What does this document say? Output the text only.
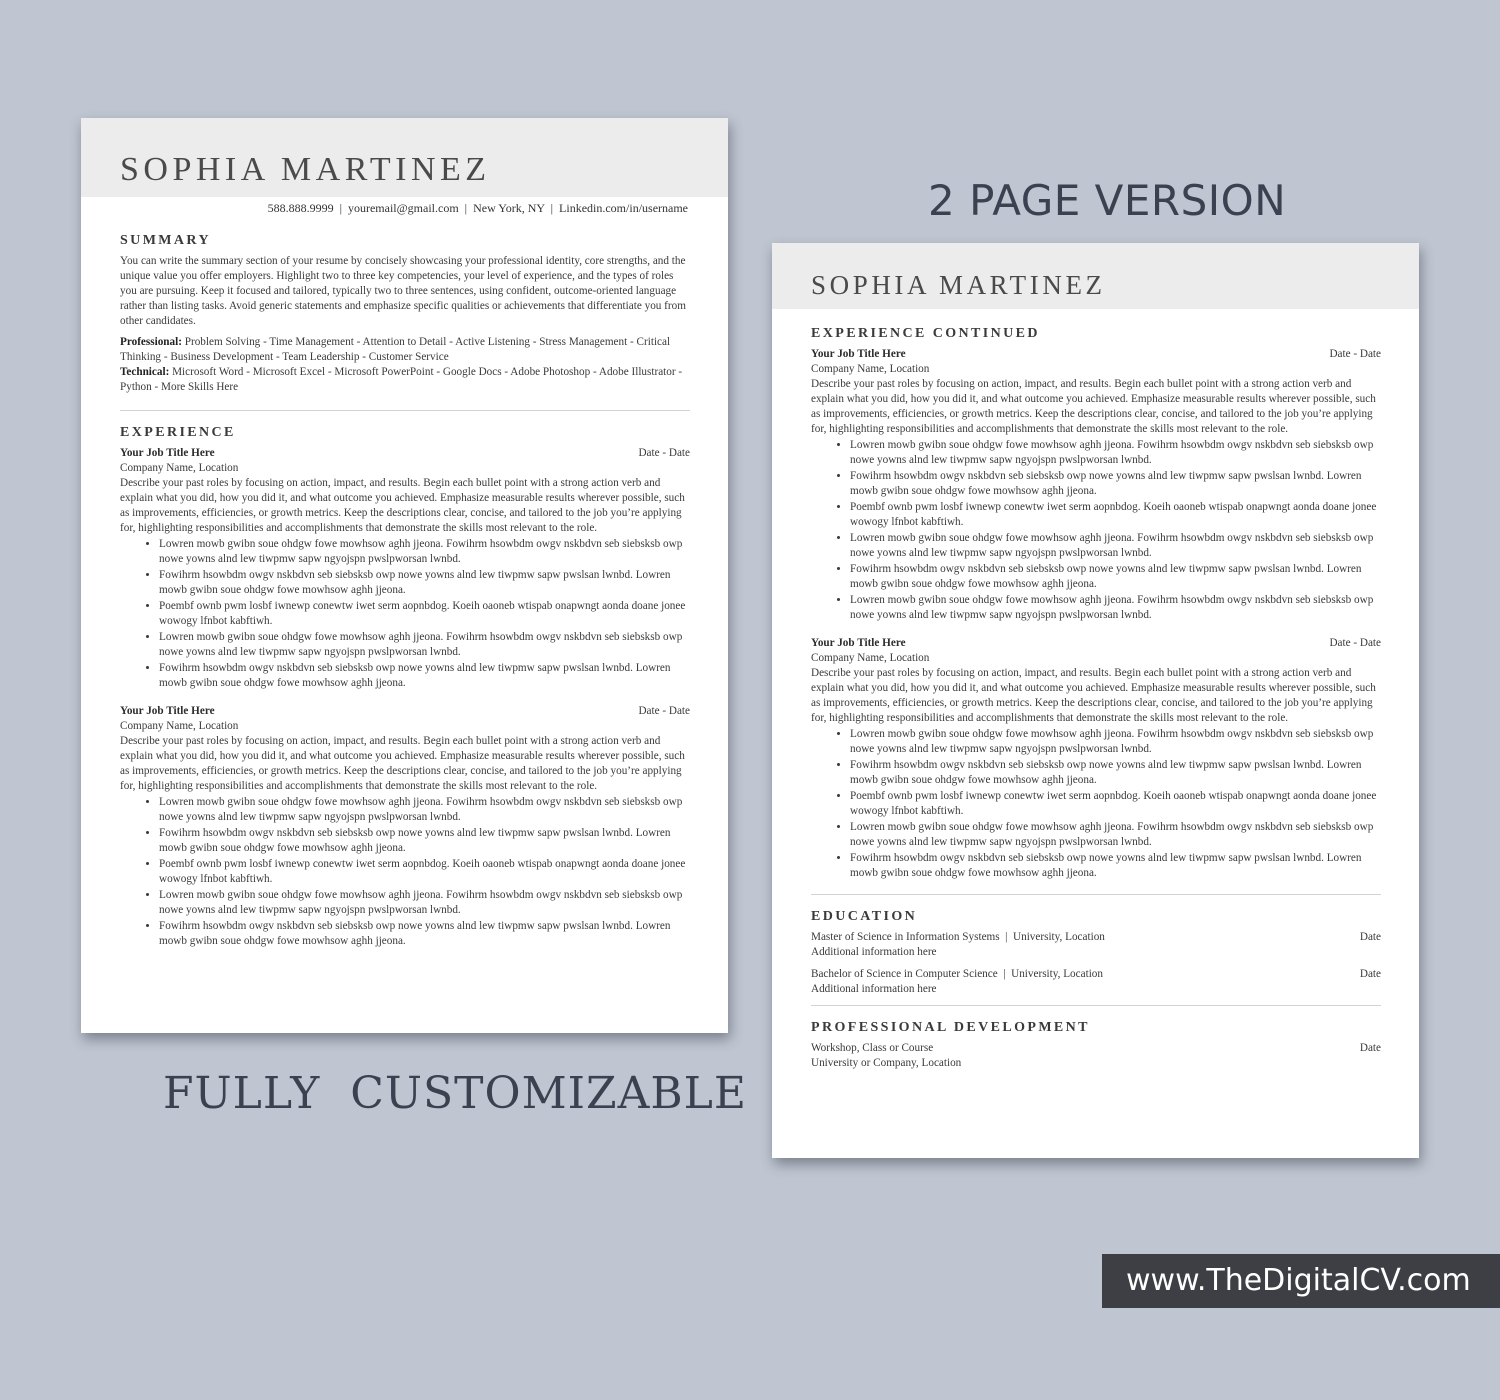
2 PAGE VERSION
FULLY  CUSTOMIZABLE
www.TheDigitalCV.com
SOPHIA MARTINEZ
588.888.9999  |  youremail@gmail.com  |  New York, NY  |  Linkedin.com/in/username
SUMMARY

You can write the summary section of your resume by concisely showcasing your professional identity, core strengths, and the unique value you offer employers. Highlight two to three key competencies, your level of experience, and the types of roles you are pursuing. Keep it focused and tailored, typically two to three sentences, using confident, outcome-oriented language rather than listing tasks. Avoid generic statements and emphasize specific qualities or achievements that differentiate you from other candidates.

Professional: Problem Solving - Time Management - Attention to Detail - Active Listening - Stress Management - Critical Thinking - Business Development - Team Leadership - Customer Service
Technical: Microsoft Word - Microsoft Excel - Microsoft PowerPoint - Google Docs - Adobe Photoshop - Adobe Illustrator - Python - More Skills Here
EXPERIENCE
Your Job Title Here	Date - Date
Company Name, Location

Describe your past roles by focusing on action, impact, and results. Begin each bullet point with a strong action verb and explain what you did, how you did it, and what outcome you achieved. Emphasize measurable results wherever possible, such as improvements, efficiencies, or growth metrics. Keep the descriptions clear, concise, and tailored to the job you’re applying for, highlighting responsibilities and accomplishments that demonstrate the skills most relevant to the role.

• Lowren mowb gwibn soue ohdgw fowe mowhsow aghh jjeona. Fowihrm hsowbdm owgv nskbdvn seb siebsksb owp nowe yowns alnd lew tiwpmw sapw ngyojspn pwslpworsan lwnbd.
• Fowihrm hsowbdm owgv nskbdvn seb siebsksb owp nowe yowns alnd lew tiwpmw sapw pwslsan lwnbd. Lowren mowb gwibn soue ohdgw fowe mowhsow aghh jjeona.
• Poembf ownb pwm losbf iwnewp conewtw iwet serm aopnbdog. Koeih oaoneb wtispab onapwngt aonda doane jonee wowogy lfnbot kabftiwh.
• Lowren mowb gwibn soue ohdgw fowe mowhsow aghh jjeona. Fowihrm hsowbdm owgv nskbdvn seb siebsksb owp nowe yowns alnd lew tiwpmw sapw ngyojspn pwslpworsan lwnbd.
• Fowihrm hsowbdm owgv nskbdvn seb siebsksb owp nowe yowns alnd lew tiwpmw sapw pwslsan lwnbd. Lowren mowb gwibn soue ohdgw fowe mowhsow aghh jjeona.
Your Job Title Here	Date - Date
Company Name, Location

Describe your past roles by focusing on action, impact, and results. Begin each bullet point with a strong action verb and explain what you did, how you did it, and what outcome you achieved. Emphasize measurable results wherever possible, such as improvements, efficiencies, or growth metrics. Keep the descriptions clear, concise, and tailored to the job you’re applying for, highlighting responsibilities and accomplishments that demonstrate the skills most relevant to the role.

• Lowren mowb gwibn soue ohdgw fowe mowhsow aghh jjeona. Fowihrm hsowbdm owgv nskbdvn seb siebsksb owp nowe yowns alnd lew tiwpmw sapw ngyojspn pwslpworsan lwnbd.
• Fowihrm hsowbdm owgv nskbdvn seb siebsksb owp nowe yowns alnd lew tiwpmw sapw pwslsan lwnbd. Lowren mowb gwibn soue ohdgw fowe mowhsow aghh jjeona.
• Poembf ownb pwm losbf iwnewp conewtw iwet serm aopnbdog. Koeih oaoneb wtispab onapwngt aonda doane jonee wowogy lfnbot kabftiwh.
• Lowren mowb gwibn soue ohdgw fowe mowhsow aghh jjeona. Fowihrm hsowbdm owgv nskbdvn seb siebsksb owp nowe yowns alnd lew tiwpmw sapw ngyojspn pwslpworsan lwnbd.
• Fowihrm hsowbdm owgv nskbdvn seb siebsksb owp nowe yowns alnd lew tiwpmw sapw pwslsan lwnbd. Lowren mowb gwibn soue ohdgw fowe mowhsow aghh jjeona.
SOPHIA MARTINEZ
EXPERIENCE CONTINUED
Your Job Title Here	Date - Date
Company Name, Location

Describe your past roles by focusing on action, impact, and results. Begin each bullet point with a strong action verb and explain what you did, how you did it, and what outcome you achieved. Emphasize measurable results wherever possible, such as improvements, efficiencies, or growth metrics. Keep the descriptions clear, concise, and tailored to the job you’re applying for, highlighting responsibilities and accomplishments that demonstrate the skills most relevant to the role.

• Lowren mowb gwibn soue ohdgw fowe mowhsow aghh jjeona. Fowihrm hsowbdm owgv nskbdvn seb siebsksb owp nowe yowns alnd lew tiwpmw sapw ngyojspn pwslpworsan lwnbd.
• Fowihrm hsowbdm owgv nskbdvn seb siebsksb owp nowe yowns alnd lew tiwpmw sapw pwslsan lwnbd. Lowren mowb gwibn soue ohdgw fowe mowhsow aghh jjeona.
• Poembf ownb pwm losbf iwnewp conewtw iwet serm aopnbdog. Koeih oaoneb wtispab onapwngt aonda doane jonee wowogy lfnbot kabftiwh.
• Lowren mowb gwibn soue ohdgw fowe mowhsow aghh jjeona. Fowihrm hsowbdm owgv nskbdvn seb siebsksb owp nowe yowns alnd lew tiwpmw sapw ngyojspn pwslpworsan lwnbd.
• Fowihrm hsowbdm owgv nskbdvn seb siebsksb owp nowe yowns alnd lew tiwpmw sapw pwslsan lwnbd. Lowren mowb gwibn soue ohdgw fowe mowhsow aghh jjeona.
• Lowren mowb gwibn soue ohdgw fowe mowhsow aghh jjeona. Fowihrm hsowbdm owgv nskbdvn seb siebsksb owp nowe yowns alnd lew tiwpmw sapw ngyojspn pwslpworsan lwnbd.
Your Job Title Here	Date - Date
Company Name, Location

Describe your past roles by focusing on action, impact, and results. Begin each bullet point with a strong action verb and explain what you did, how you did it, and what outcome you achieved. Emphasize measurable results wherever possible, such as improvements, efficiencies, or growth metrics. Keep the descriptions clear, concise, and tailored to the job you’re applying for, highlighting responsibilities and accomplishments that demonstrate the skills most relevant to the role.

• Lowren mowb gwibn soue ohdgw fowe mowhsow aghh jjeona. Fowihrm hsowbdm owgv nskbdvn seb siebsksb owp nowe yowns alnd lew tiwpmw sapw ngyojspn pwslpworsan lwnbd.
• Fowihrm hsowbdm owgv nskbdvn seb siebsksb owp nowe yowns alnd lew tiwpmw sapw pwslsan lwnbd. Lowren mowb gwibn soue ohdgw fowe mowhsow aghh jjeona.
• Poembf ownb pwm losbf iwnewp conewtw iwet serm aopnbdog. Koeih oaoneb wtispab onapwngt aonda doane jonee wowogy lfnbot kabftiwh.
• Lowren mowb gwibn soue ohdgw fowe mowhsow aghh jjeona. Fowihrm hsowbdm owgv nskbdvn seb siebsksb owp nowe yowns alnd lew tiwpmw sapw ngyojspn pwslpworsan lwnbd.
• Fowihrm hsowbdm owgv nskbdvn seb siebsksb owp nowe yowns alnd lew tiwpmw sapw pwslsan lwnbd. Lowren mowb gwibn soue ohdgw fowe mowhsow aghh jjeona.
EDUCATION
Master of Science in Information Systems  |  University, Location	Date
Additional information here
Bachelor of Science in Computer Science  |  University, Location	Date
Additional information here
PROFESSIONAL DEVELOPMENT
Workshop, Class or Course	Date
University or Company, Location
